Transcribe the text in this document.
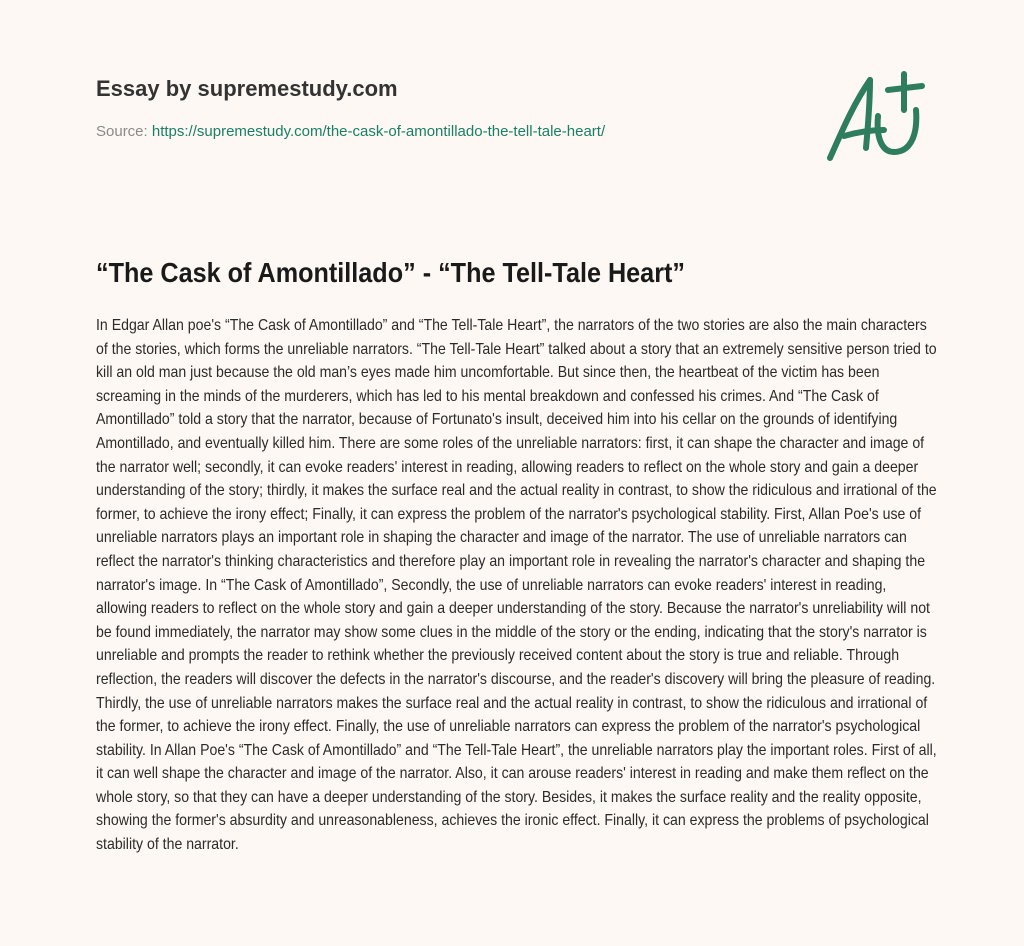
Essay by supremestudy.com
Source: https://supremestudy.com/the-cask-of-amontillado-the-tell-tale-heart/
“The Cask of Amontillado” - “The Tell-Tale Heart”

In Edgar Allan poe's “The Cask of Amontillado” and “The Tell-Tale Heart”, the narrators of the two stories are also the main characters of the stories, which forms the unreliable narrators. “The Tell-Tale Heart” talked about a story that an extremely sensitive person tried to kill an old man just because the old man’s eyes made him uncomfortable. But since then, the heartbeat of the victim has been screaming in the minds of the murderers, which has led to his mental breakdown and confessed his crimes. And “The Cask of Amontillado” told a story that the narrator, because of Fortunato's insult, deceived him into his cellar on the grounds of identifying Amontillado, and eventually killed him. There are some roles of the unreliable narrators: first, it can shape the character and image of the narrator well; secondly, it can evoke readers' interest in reading, allowing readers to reflect on the whole story and gain a deeper understanding of the story; thirdly, it makes the surface real and the actual reality in contrast, to show the ridiculous and irrational of the former, to achieve the irony effect; Finally, it can express the problem of the narrator's psychological stability. First, Allan Poe's use of unreliable narrators plays an important role in shaping the character and image of the narrator. The use of unreliable narrators can reflect the narrator's thinking characteristics and therefore play an important role in revealing the narrator's character and shaping the narrator's image. In “The Cask of Amontillado”, Secondly, the use of unreliable narrators can evoke readers' interest in reading, allowing readers to reflect on the whole story and gain a deeper understanding of the story. Because the narrator's unreliability will not be found immediately, the narrator may show some clues in the middle of the story or the ending, indicating that the story's narrator is unreliable and prompts the reader to rethink whether the previously received content about the story is true and reliable. Through reflection, the readers will discover the defects in the narrator's discourse, and the reader's discovery will bring the pleasure of reading. Thirdly, the use of unreliable narrators makes the surface real and the actual reality in contrast, to show the ridiculous and irrational of the former, to achieve the irony effect. Finally, the use of unreliable narrators can express the problem of the narrator's psychological stability. In Allan Poe's “The Cask of Amontillado” and “The Tell-Tale Heart”, the unreliable narrators play the important roles. First of all, it can well shape the character and image of the narrator. Also, it can arouse readers' interest in reading and make them reflect on the whole story, so that they can have a deeper understanding of the story. Besides, it makes the surface reality and the reality opposite, showing the former's absurdity and unreasonableness, achieves the ironic effect. Finally, it can express the problems of psychological stability of the narrator.
